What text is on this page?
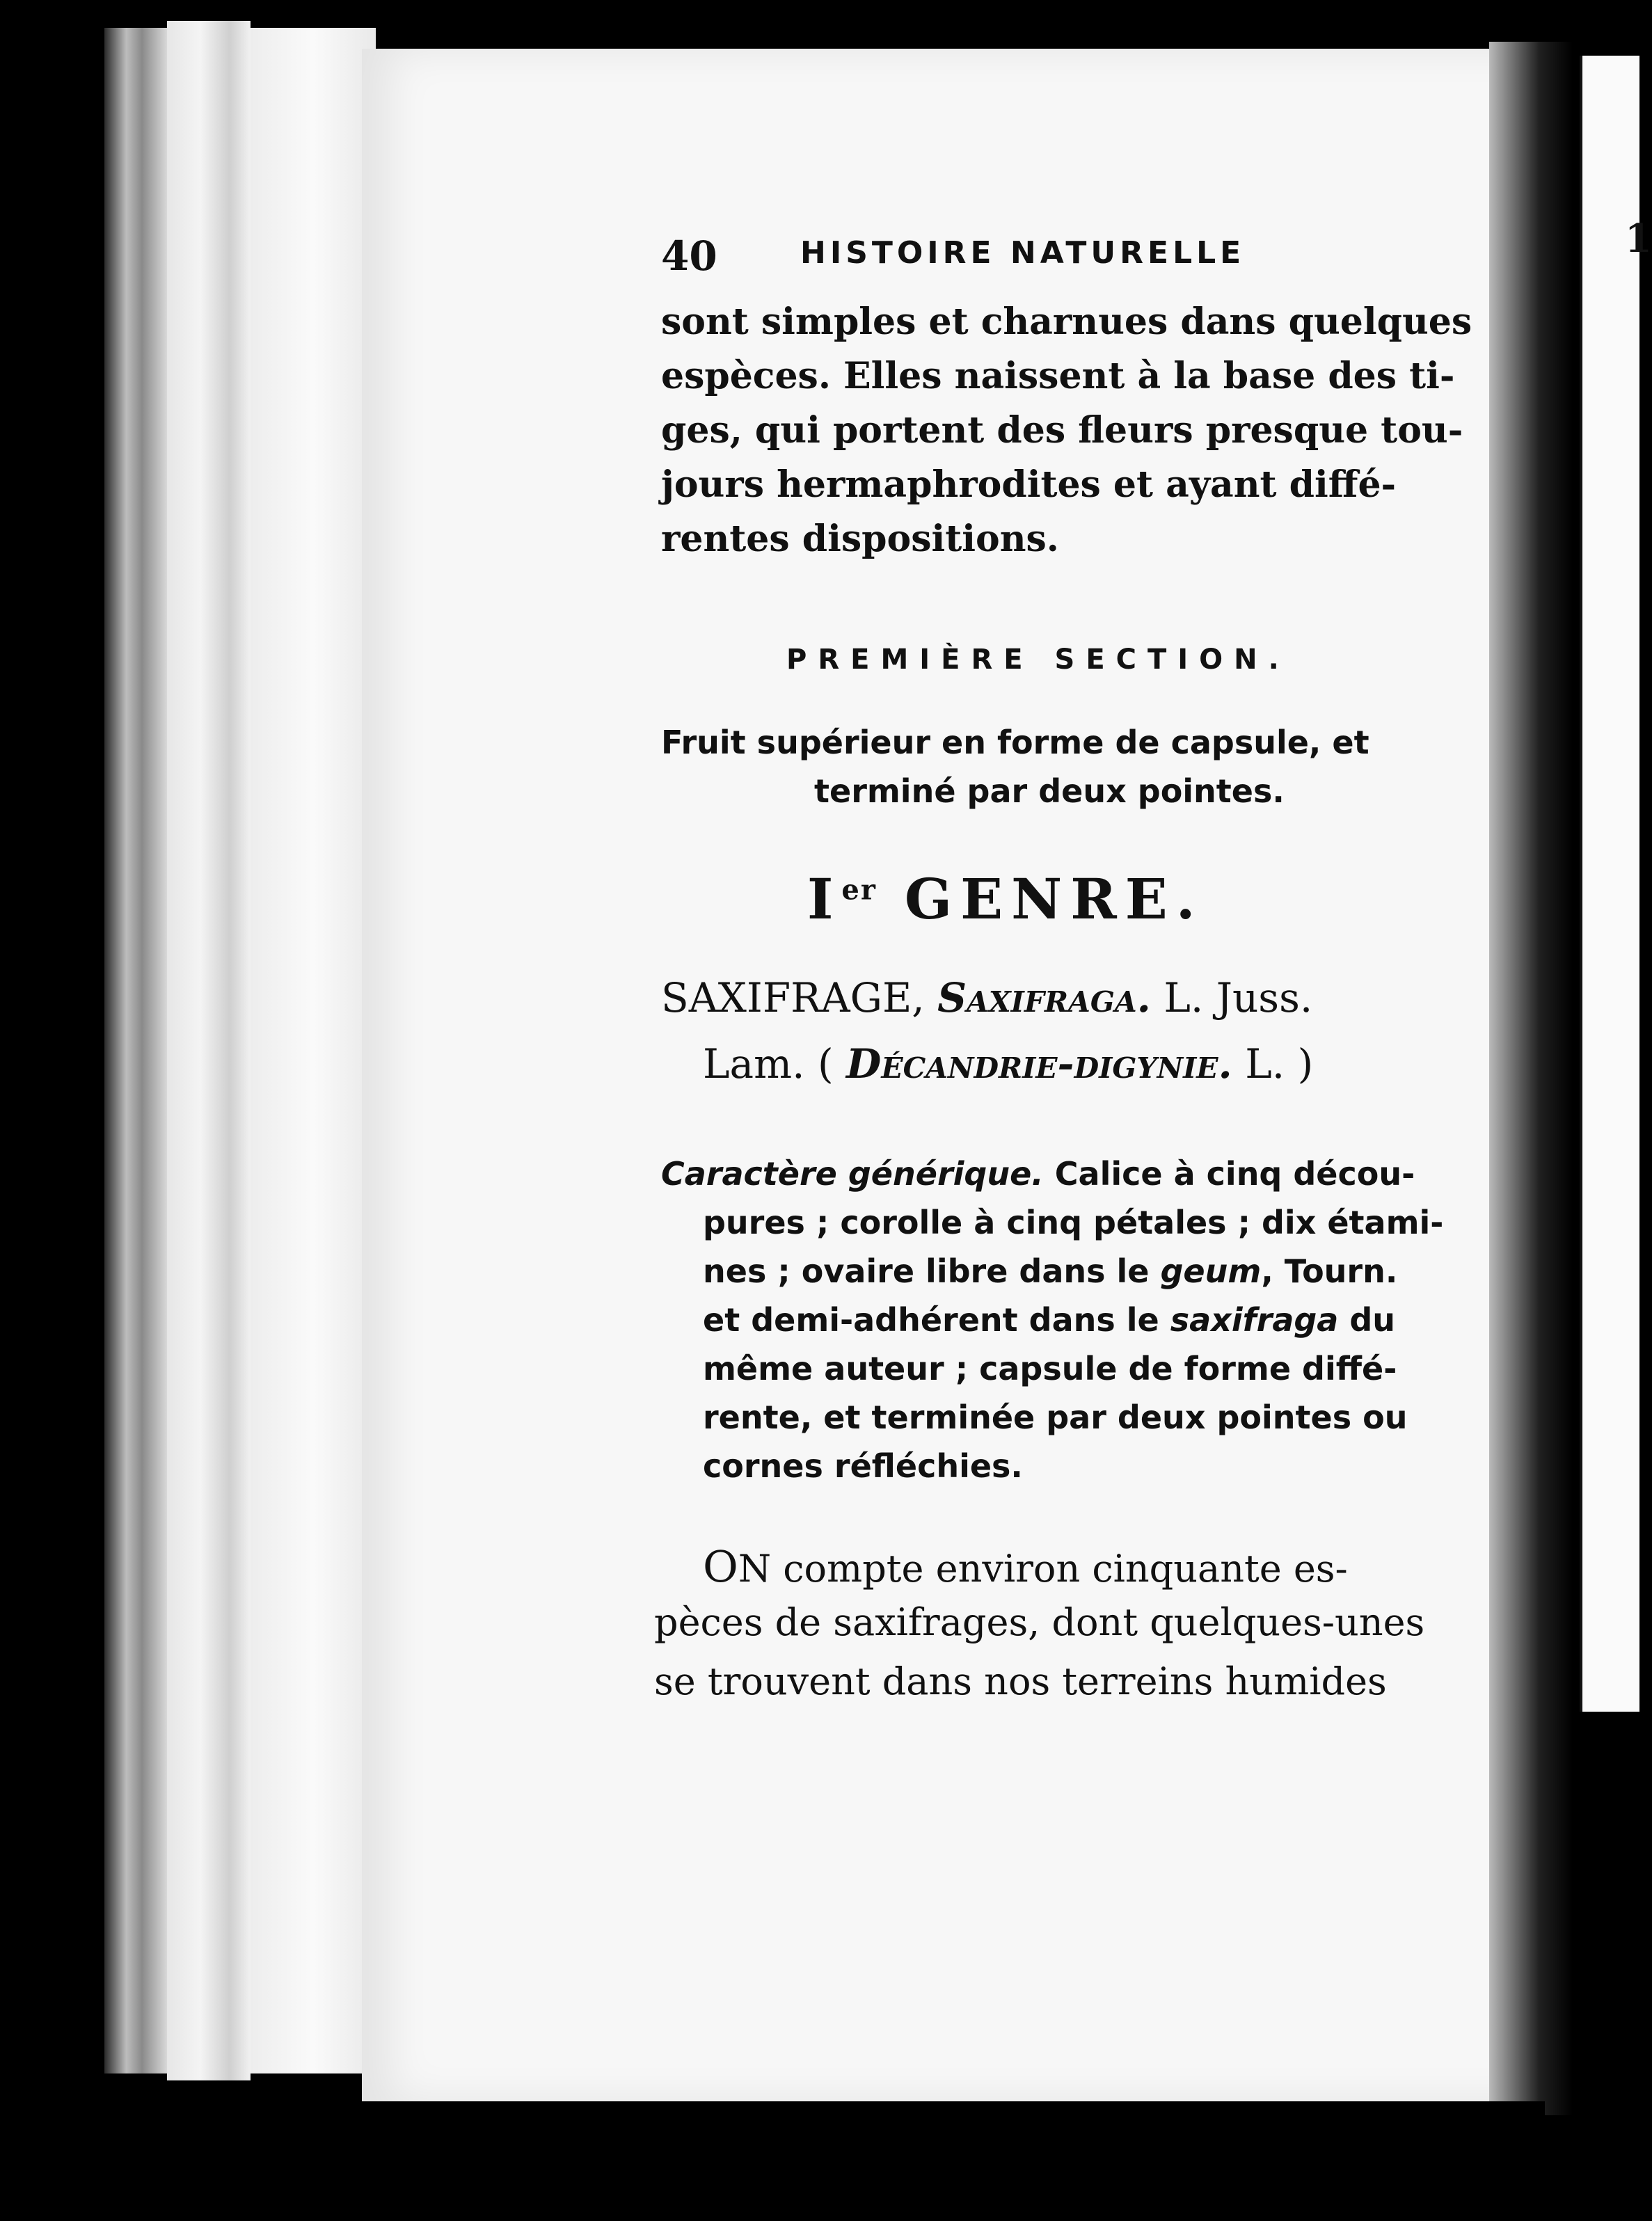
1
40	HISTOIRE NATURELLE
sont simples et charnues dans quelques
espèces. Elles naissent à la base des ti-
ges, qui portent des fleurs presque tou-
jours hermaphrodites et ayant diffé-
rentes dispositions.
PREMIÈRE SECTION.
Fruit supérieur en forme de capsule, et
terminé par deux pointes.
Ier GENRE.
SAXIFRAGE, Saxifraga. L. Juss.
Lam. ( Décandrie-digynie. L. )
Caractère générique. Calice à cinq décou-
pures ; corolle à cinq pétales ; dix étami-
nes ; ovaire libre dans le geum, Tourn.
et demi-adhérent dans le saxifraga du
même auteur ; capsule de forme diffé-
rente, et terminée par deux pointes ou
cornes réfléchies.
ON compte environ cinquante es-
pèces de saxifrages, dont quelques-unes
se trouvent dans nos terreins humides
